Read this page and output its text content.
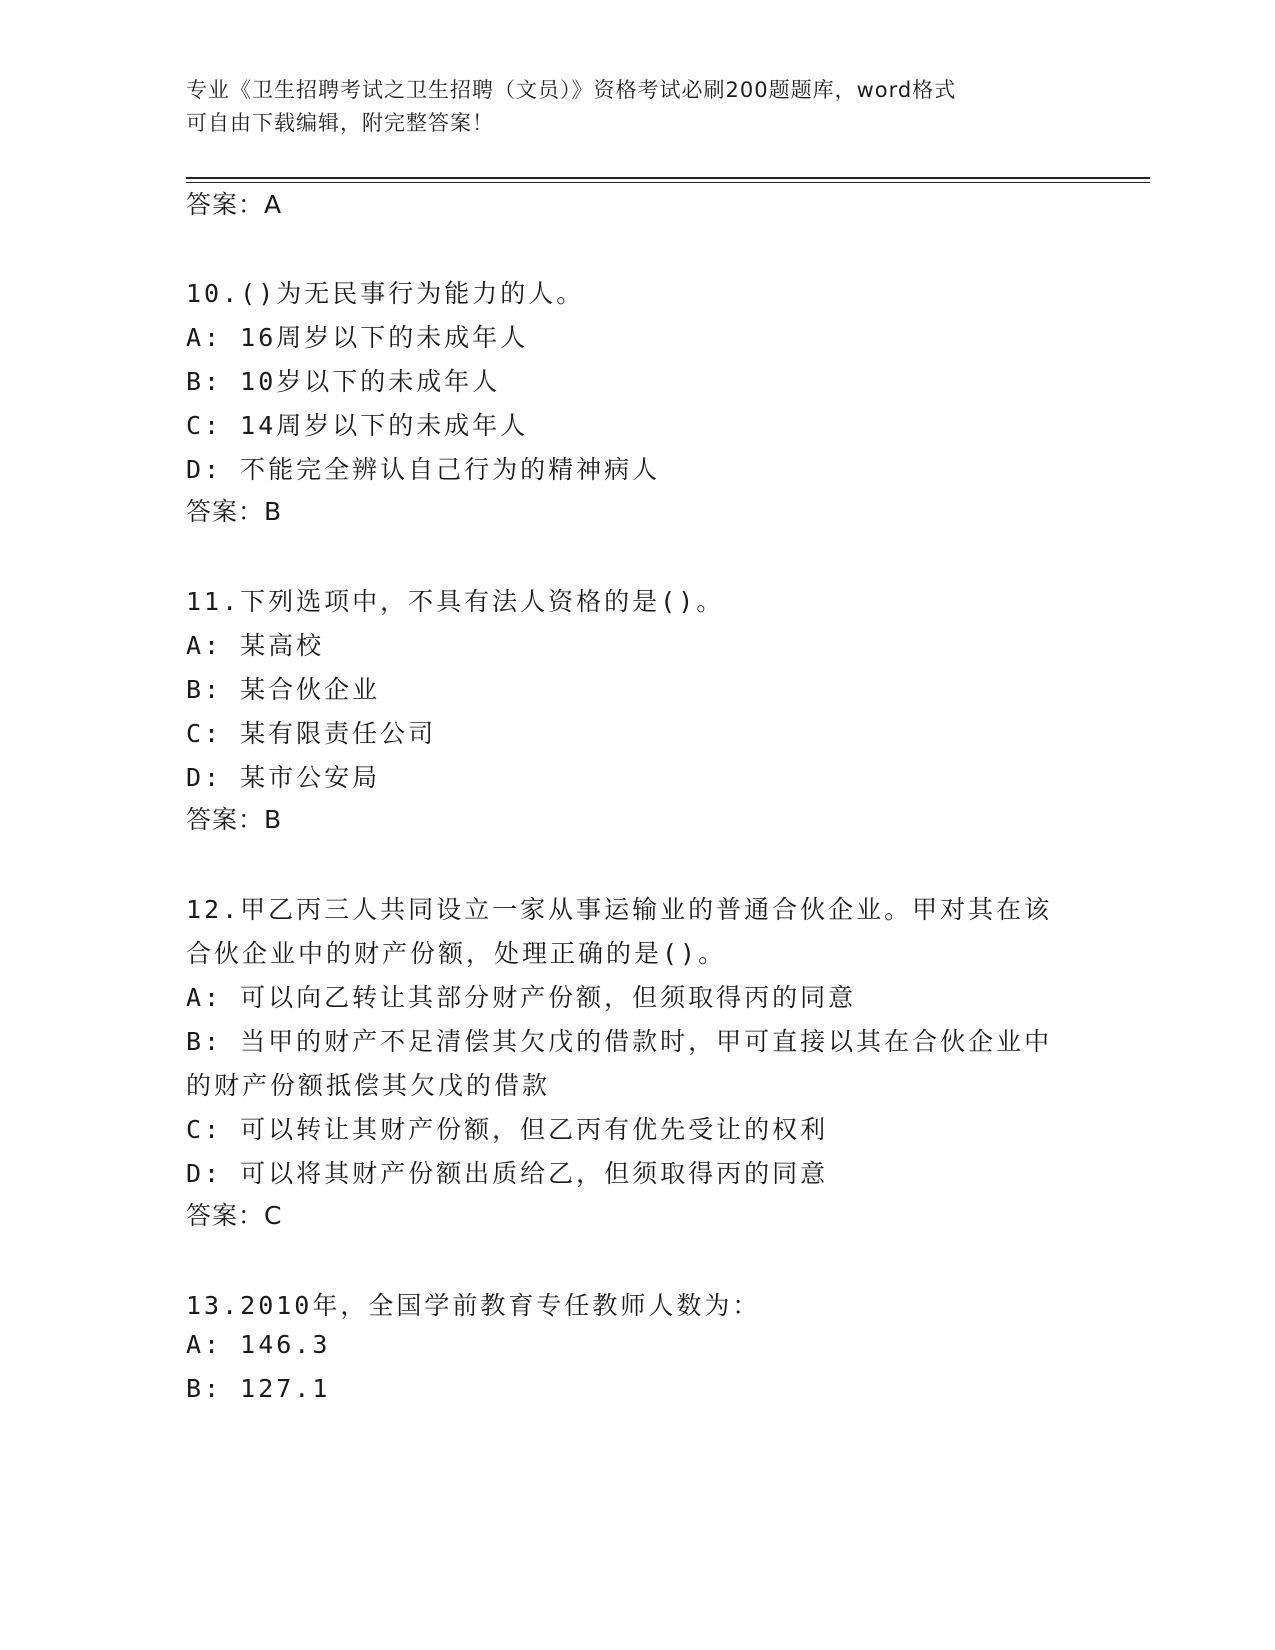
专业《卫生招聘考试之卫生招聘（文员）》资格考试必刷200题题库，word格式
可自由下载编辑，附完整答案！
答案：A
10.()为无民事行为能力的人。
A: 16周岁以下的未成年人
B: 10岁以下的未成年人
C: 14周岁以下的未成年人
D: 不能完全辨认自己行为的精神病人
答案：B
11.下列选项中，不具有法人资格的是()。
A: 某高校
B: 某合伙企业
C: 某有限责任公司
D: 某市公安局
答案：B
12.甲乙丙三人共同设立一家从事运输业的普通合伙企业。甲对其在该
合伙企业中的财产份额，处理正确的是()。
A: 可以向乙转让其部分财产份额，但须取得丙的同意
B: 当甲的财产不足清偿其欠戊的借款时，甲可直接以其在合伙企业中
的财产份额抵偿其欠戊的借款
C: 可以转让其财产份额，但乙丙有优先受让的权利
D: 可以将其财产份额出质给乙，但须取得丙的同意
答案：C
13.2010年，全国学前教育专任教师人数为：
A: 146.3
B: 127.1
